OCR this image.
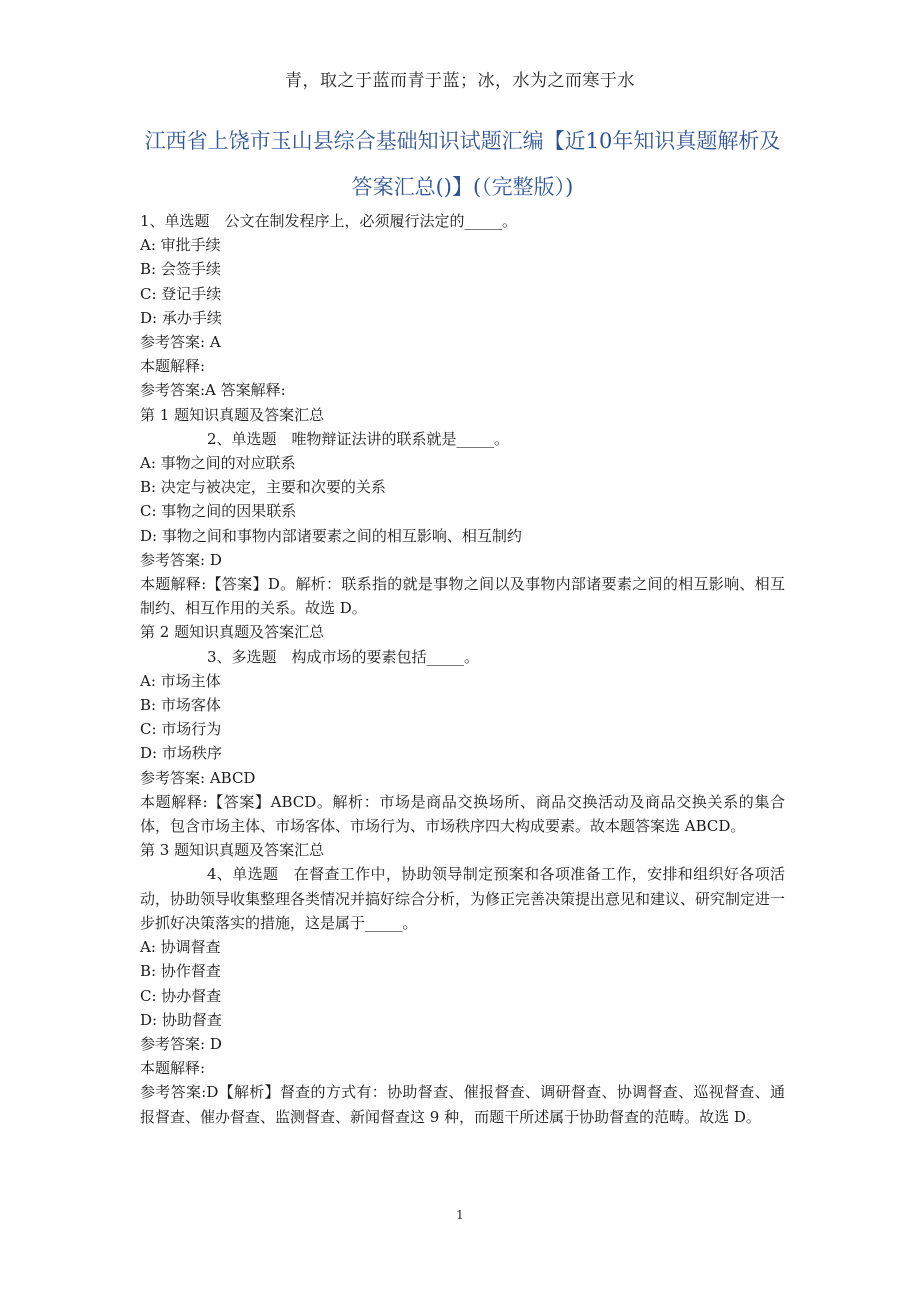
青，取之于蓝而青于蓝；冰，水为之而寒于水
江西省上饶市玉山县综合基础知识试题汇编【近10年知识真题解析及答案汇总()】(（完整版）)
1、单选题　公文在制发程序上，必须履行法定的_____。
A: 审批手续
B: 会签手续
C: 登记手续
D: 承办手续
参考答案: A
本题解释:
参考答案:A 答案解释:
第 1 题知识真题及答案汇总
2、单选题　唯物辩证法讲的联系就是_____。
A: 事物之间的对应联系
B: 决定与被决定，主要和次要的关系
C: 事物之间的因果联系
D: 事物之间和事物内部诸要素之间的相互影响、相互制约
参考答案: D
本题解释:【答案】D。解析：联系指的就是事物之间以及事物内部诸要素之间的相互影响、相互制约、相互作用的关系。故选 D。
第 2 题知识真题及答案汇总
3、多选题　构成市场的要素包括_____。
A: 市场主体
B: 市场客体
C: 市场行为
D: 市场秩序
参考答案: ABCD
本题解释:【答案】ABCD。解析：市场是商品交换场所、商品交换活动及商品交换关系的集合体，包含市场主体、市场客体、市场行为、市场秩序四大构成要素。故本题答案选 ABCD。
第 3 题知识真题及答案汇总
4、单选题　在督查工作中，协助领导制定预案和各项准备工作，安排和组织好各项活动，协助领导收集整理各类情况并搞好综合分析，为修正完善决策提出意见和建议、研究制定进一步抓好决策落实的措施，这是属于_____。
A: 协调督查
B: 协作督查
C: 协办督查
D: 协助督查
参考答案: D
本题解释:
参考答案:D【解析】督查的方式有：协助督查、催报督查、调研督查、协调督查、巡视督查、通报督查、催办督查、监测督查、新闻督查这 9 种，而题干所述属于协助督查的范畴。故选 D。
1
